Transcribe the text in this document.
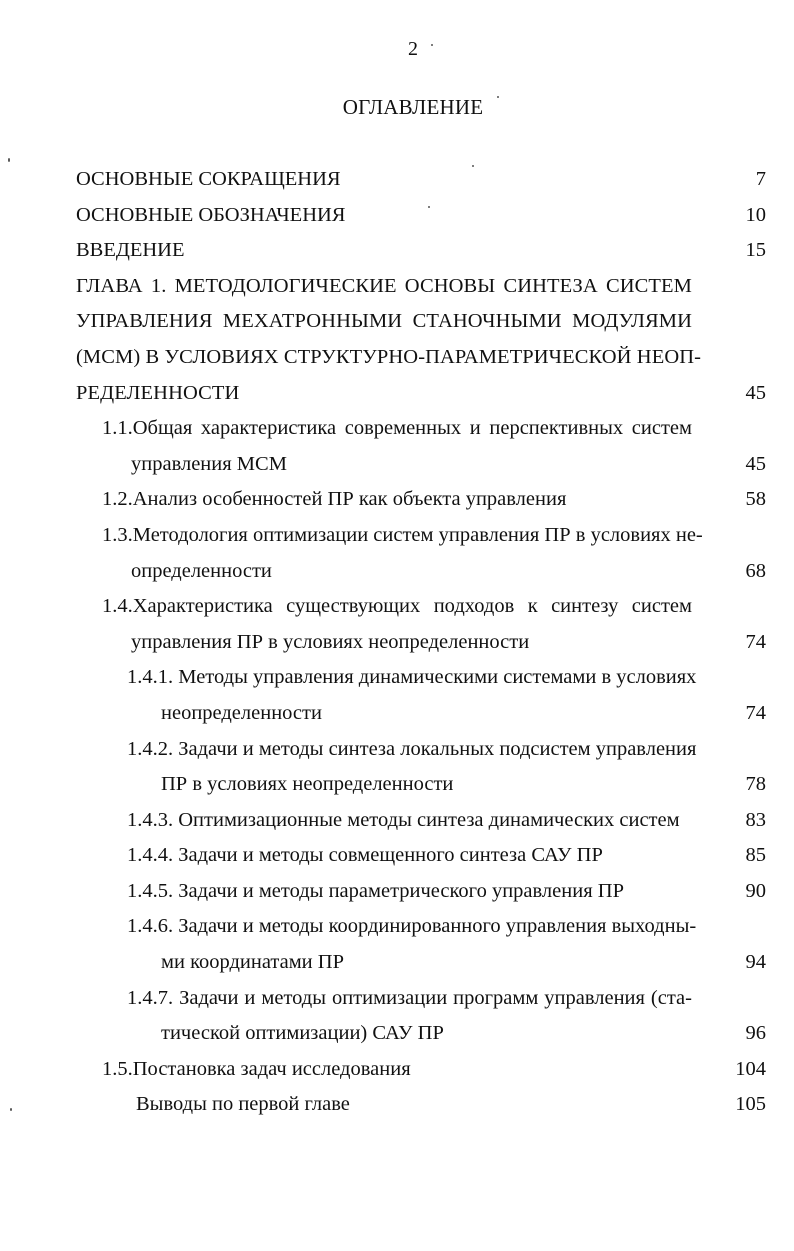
2
ОГЛАВЛЕНИЕ
ОСНОВНЫЕ СОКРАЩЕНИЯ	7
ОСНОВНЫЕ ОБОЗНАЧЕНИЯ	10
ВВЕДЕНИЕ	15
ГЛАВА 1. МЕТОДОЛОГИЧЕСКИЕ ОСНОВЫ СИНТЕЗА СИСТЕМ
УПРАВЛЕНИЯ МЕХАТРОННЫМИ СТАНОЧНЫМИ МОДУЛЯМИ
(МСМ) В УСЛОВИЯХ СТРУКТУРНО-ПАРАМЕТРИЧЕСКОЙ НЕОП-
РЕДЕЛЕННОСТИ	45
1.1.Общая характеристика современных и перспективных систем
управления МСМ	45
1.2.Анализ особенностей ПР как объекта управления	58
1.3.Методология оптимизации систем управления ПР в условиях не-
определенности	68
1.4.Характеристика существующих подходов к синтезу систем
управления ПР в условиях неопределенности	74
1.4.1. Методы управления динамическими системами в условиях
неопределенности	74
1.4.2. Задачи и методы синтеза локальных подсистем управления
ПР в условиях неопределенности	78
1.4.3. Оптимизационные методы синтеза динамических систем	83
1.4.4. Задачи и методы совмещенного синтеза САУ ПР	85
1.4.5. Задачи и методы параметрического управления ПР	90
1.4.6. Задачи и методы координированного управления выходны-
ми координатами ПР	94
1.4.7. Задачи и методы оптимизации программ управления (ста-
тической оптимизации) САУ ПР	96
1.5.Постановка задач исследования	104
Выводы по первой главе	105
